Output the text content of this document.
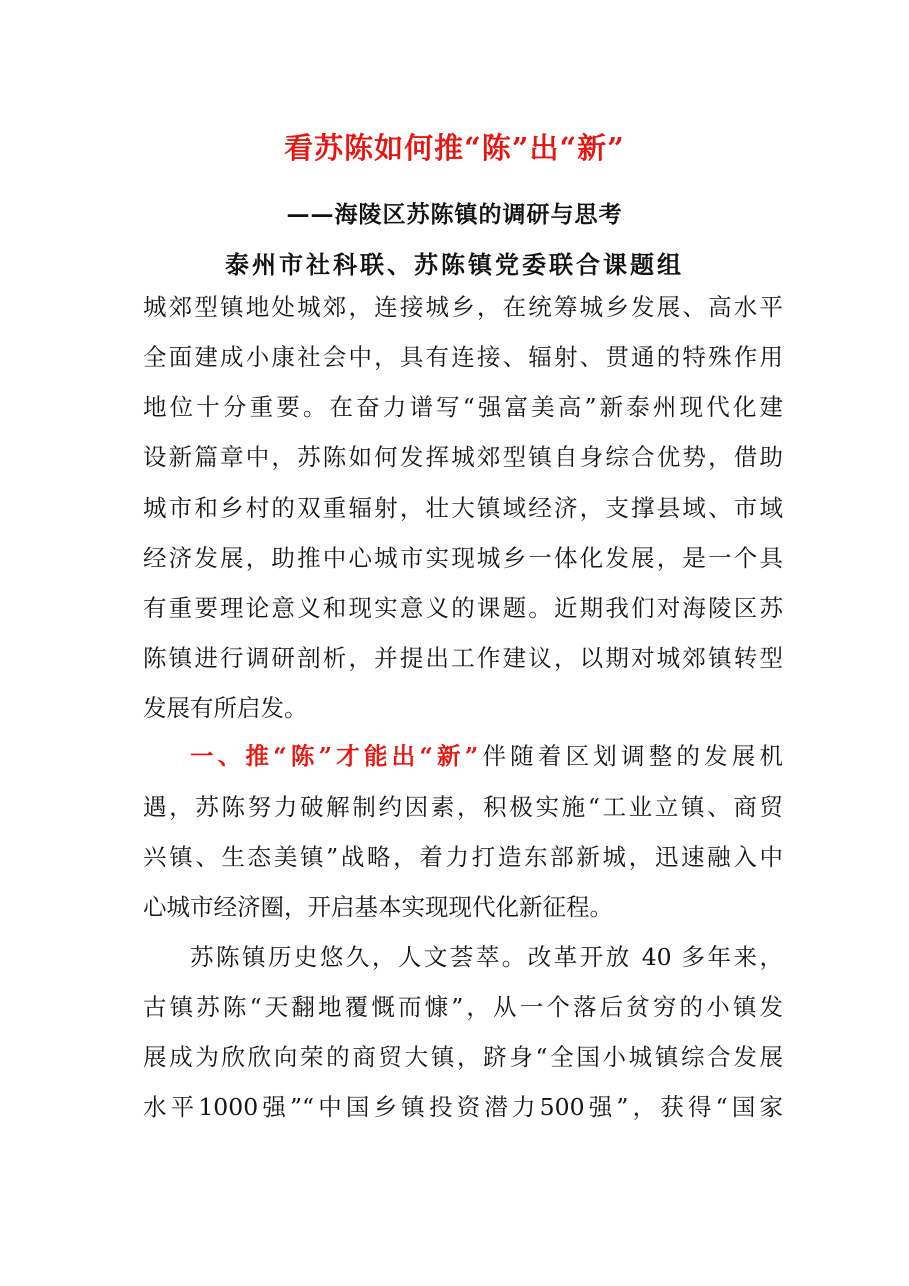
看苏陈如何推“陈”出“新”
——海陵区苏陈镇的调研与思考
泰州市社科联、苏陈镇党委联合课题组
城郊型镇地处城郊，连接城乡，在统筹城乡发展、高水平
全面建成小康社会中，具有连接、辐射、贯通的特殊作用
地位十分重要。在奋力谱写“强富美高”新泰州现代化建
设新篇章中，苏陈如何发挥城郊型镇自身综合优势，借助
城市和乡村的双重辐射，壮大镇域经济，支撑县域、市域
经济发展，助推中心城市实现城乡一体化发展，是一个具
有重要理论意义和现实意义的课题。近期我们对海陵区苏
陈镇进行调研剖析，并提出工作建议，以期对城郊镇转型
发展有所启发。
一、推“陈”才能出“新”伴随着区划调整的发展机
遇，苏陈努力破解制约因素，积极实施“工业立镇、商贸
兴镇、生态美镇”战略，着力打造东部新城，迅速融入中
心城市经济圈，开启基本实现现代化新征程。
苏陈镇历史悠久，人文荟萃。改革开放 40 多年来，
古镇苏陈“天翻地覆慨而慷”，从一个落后贫穷的小镇发
展成为欣欣向荣的商贸大镇，跻身“全国小城镇综合发展
水平1000强”“中国乡镇投资潜力500强”，获得“国家
